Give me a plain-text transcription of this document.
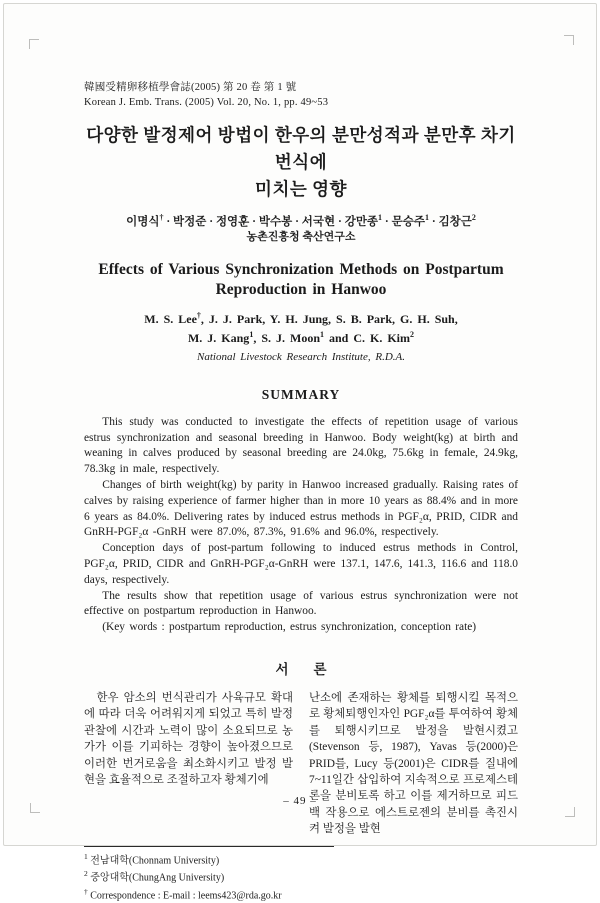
韓國受精卵移植學會誌(2005) 第 20 卷 第 1 號
Korean J. Emb. Trans. (2005) Vol. 20, No. 1, pp. 49~53
다양한 발정제어 방법이 한우의 분만성적과 분만후 차기번식에
미치는 영향
이명식† · 박정준 · 정영훈 · 박수봉 · 서국현 · 강만종$^1$ · 문승주$^1$ · 김창근$^2$
농촌진흥청 축산연구소
Effects of Various Synchronization Methods on Postpartum
Reproduction in Hanwoo
M. S. Lee†, J. J. Park, Y. H. Jung, S. B. Park, G. H. Suh,
M. J. Kang$^1$, S. J. Moon$^1$ and C. K. Kim$^2$
National Livestock Research Institute, R.D.A.
SUMMARY

This study was conducted to investigate the effects of repetition usage of various estrus synchronization and seasonal breeding in Hanwoo. Body weight(kg) at birth and weaning in calves produced by seasonal breeding are 24.0kg, 75.6kg in female, 24.9kg, 78.3kg in male, respectively.

Changes of birth weight(kg) by parity in Hanwoo increased gradually. Raising rates of calves by raising experience of farmer higher than in more 10 years as 88.4% and in more 6 years as 84.0%. Delivering rates by induced estrus methods in PGF₂α, PRID, CIDR and GnRH-PGF₂α -GnRH were 87.0%, 87.3%, 91.6% and 96.0%, respectively.

Conception days of post-partum following to induced estrus methods in Control, PGF₂α, PRID, CIDR and GnRH-PGF₂α-GnRH were 137.1, 147.6, 141.3, 116.6 and 118.0 days, respectively.

The results show that repetition usage of various estrus synchronization were not effective on postpartum reproduction in Hanwoo.

(Key words : postpartum reproduction, estrus synchronization, conception rate)

서 론

한우 암소의 번식관리가 사육규모 확대에 따라 더욱 어려워지게 되었고 특히 발정 관찰에 시간과 노력이 많이 소요되므로 농가가 이를 기피하는 경향이 높아졌으므로 이러한 번거로움을 최소화시키고 발정 발현을 효율적으로 조절하고자 황체기에

난소에 존재하는 황체를 퇴행시킬 목적으로 황체퇴행인자인 PGF₂α를 투여하여 황체를 퇴행시키므로 발정을 발현시켰고(Stevenson 등, 1987), Yavas 등(2000)은 PRID를, Lucy 등(2001)은 CIDR를 질내에 7~11일간 삽입하여 지속적으로 프로제스테론을 분비토록 하고 이를 제거하므로 피드백 작용으로 에스트로젠의 분비를 촉진시켜 발정을 발현

$^1$ 전남대학(Chonnam University)
$^2$ 중앙대학(ChungAng University)
† Correspondence : E-mail : leems423@rda.go.kr
– 49 –
